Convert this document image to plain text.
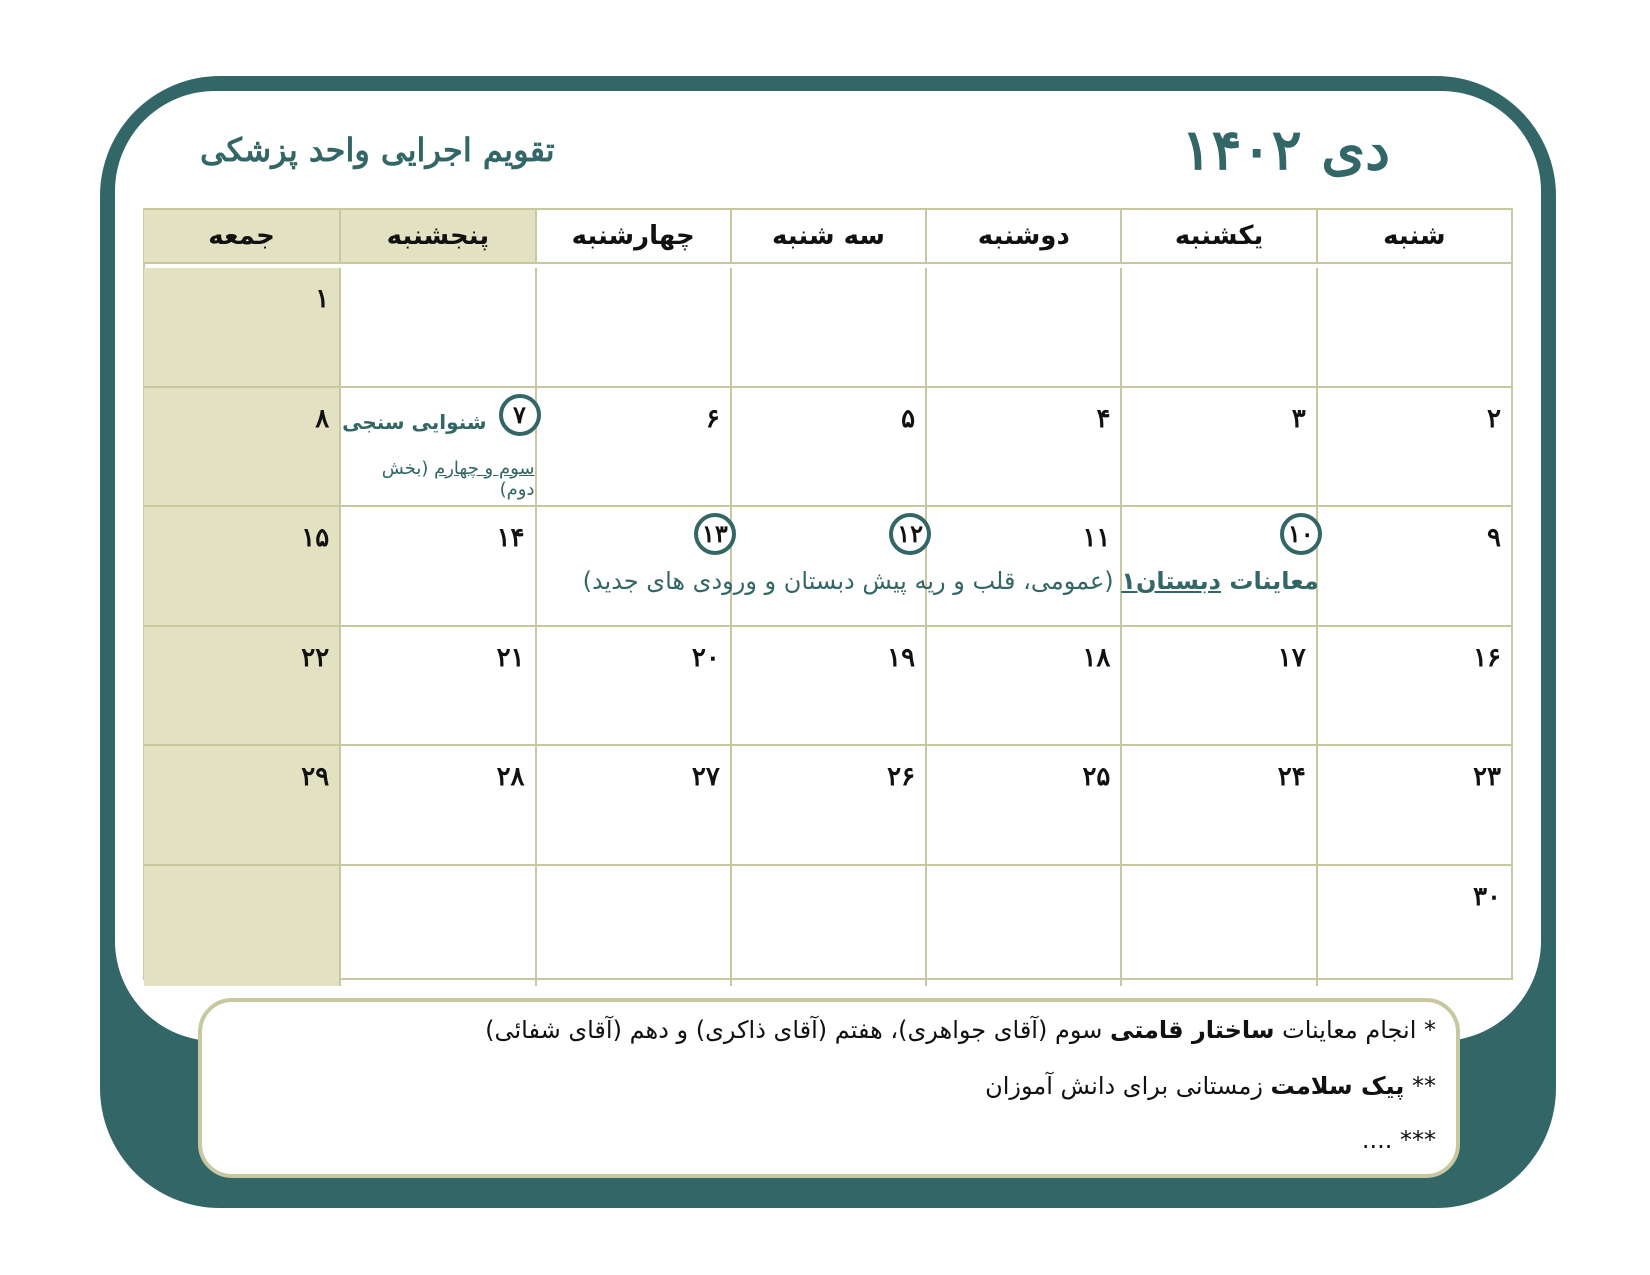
دی ۱۴۰۲
تقویم اجرایی واحد پزشکی
شنبه
یکشنبه
دوشنبه
سه شنبه
چهارشنبه
پنجشنبه
جمعه
۱
۲
۳
۴
۵
۶
۷
شنوایی سنجی
سوم و چهارم (بخش دوم)
۸
۹
۱۰
۱۱
۱۲
۱۳
۱۴
۱۵
۱۶
۱۷
۱۸
۱۹
۲۰
۲۱
۲۲
۲۳
۲۴
۲۵
۲۶
۲۷
۲۸
۲۹
۳۰
معاینات دبستان۱ (عمومی، قلب و ریه پیش دبستان و ورودی های جدید)
* انجام معاینات ساختار قامتی سوم (آقای جواهری)، هفتم (آقای ذاکری) و دهم (آقای شفائی)
** پیک سلامت زمستانی برای دانش آموزان
*** ....
